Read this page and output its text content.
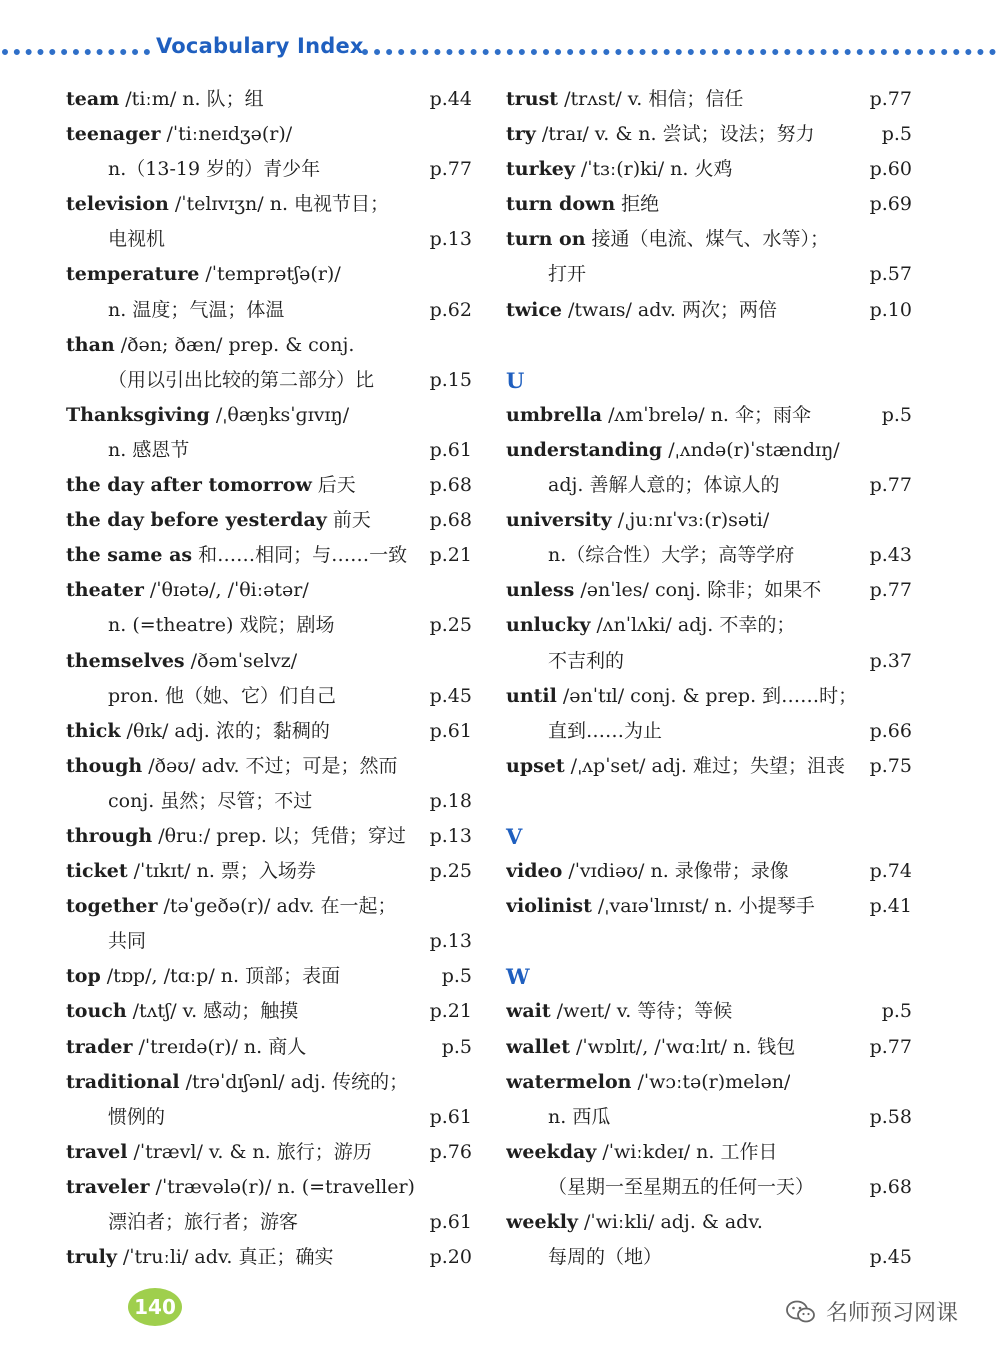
Vocabulary Index
team /tiːm/ n. 队；组	p.44
teenager /ˈtiːneɪdʒə(r)/
n.（13-19 岁的）青少年	p.77
television /ˈtelɪvɪʒn/ n. 电视节目；
电视机	p.13
temperature /ˈtemprətʃə(r)/
n. 温度；气温；体温	p.62
than /ðən; ðæn/ prep. & conj.
（用以引出比较的第二部分）比	p.15
Thanksgiving /ˌθæŋksˈɡɪvɪŋ/
n. 感恩节	p.61
the day after tomorrow 后天	p.68
the day before yesterday 前天	p.68
the same as 和……相同；与……一致 p.21
theater /ˈθɪətə/, /ˈθiːətər/
n. (=theatre) 戏院；剧场	p.25
themselves /ðəmˈselvz/
pron. 他（她、它）们自己	p.45
thick /θɪk/ adj. 浓的；黏稠的	p.61
though /ðəʊ/ adv. 不过；可是；然而
conj. 虽然；尽管；不过	p.18
through /θruː/ prep. 以；凭借；穿过 p.13
ticket /ˈtɪkɪt/ n. 票；入场券	p.25
together /təˈɡeðə(r)/ adv. 在一起；
共同	p.13
top /tɒp/, /tɑːp/ n. 顶部；表面	p.5
touch /tʌtʃ/ v. 感动；触摸	p.21
trader /ˈtreɪdə(r)/ n. 商人	p.5
traditional /trəˈdɪʃənl/ adj. 传统的；
惯例的	p.61
travel /ˈtrævl/ v. & n. 旅行；游历	p.76
traveler /ˈtrævələ(r)/ n. (=traveller)
漂泊者；旅行者；游客	p.61
truly /ˈtruːli/ adv. 真正；确实	p.20
trust /trʌst/ v. 相信；信任	p.77
try /traɪ/ v. & n. 尝试；设法；努力	p.5
turkey /ˈtɜː(r)ki/ n. 火鸡	p.60
turn down 拒绝	p.69
turn on 接通（电流、煤气、水等）；
打开	p.57
twice /twaɪs/ adv. 两次；两倍	p.10
U
umbrella /ʌmˈbrelə/ n. 伞；雨伞	p.5
understanding /ˌʌndə(r)ˈstændɪŋ/
adj. 善解人意的；体谅人的	p.77
university /ˌjuːnɪˈvɜː(r)səti/
n.（综合性）大学；高等学府	p.43
unless /ənˈles/ conj. 除非；如果不	p.77
unlucky /ʌnˈlʌki/ adj. 不幸的；
不吉利的	p.37
until /ənˈtɪl/ conj. & prep. 到……时；
直到……为止	p.66
upset /ˌʌpˈset/ adj. 难过；失望；沮丧 p.75
V
video /ˈvɪdiəʊ/ n. 录像带；录像	p.74
violinist /ˌvaɪəˈlɪnɪst/ n. 小提琴手	p.41
W
wait /weɪt/ v. 等待；等候	p.5
wallet /ˈwɒlɪt/, /ˈwɑːlɪt/ n. 钱包	p.77
watermelon /ˈwɔːtə(r)melən/
n. 西瓜	p.58
weekday /ˈwiːkdeɪ/ n. 工作日
（星期一至星期五的任何一天）	p.68
weekly /ˈwiːkli/ adj. & adv.
每周的（地）	p.45
140	名师预习网课
